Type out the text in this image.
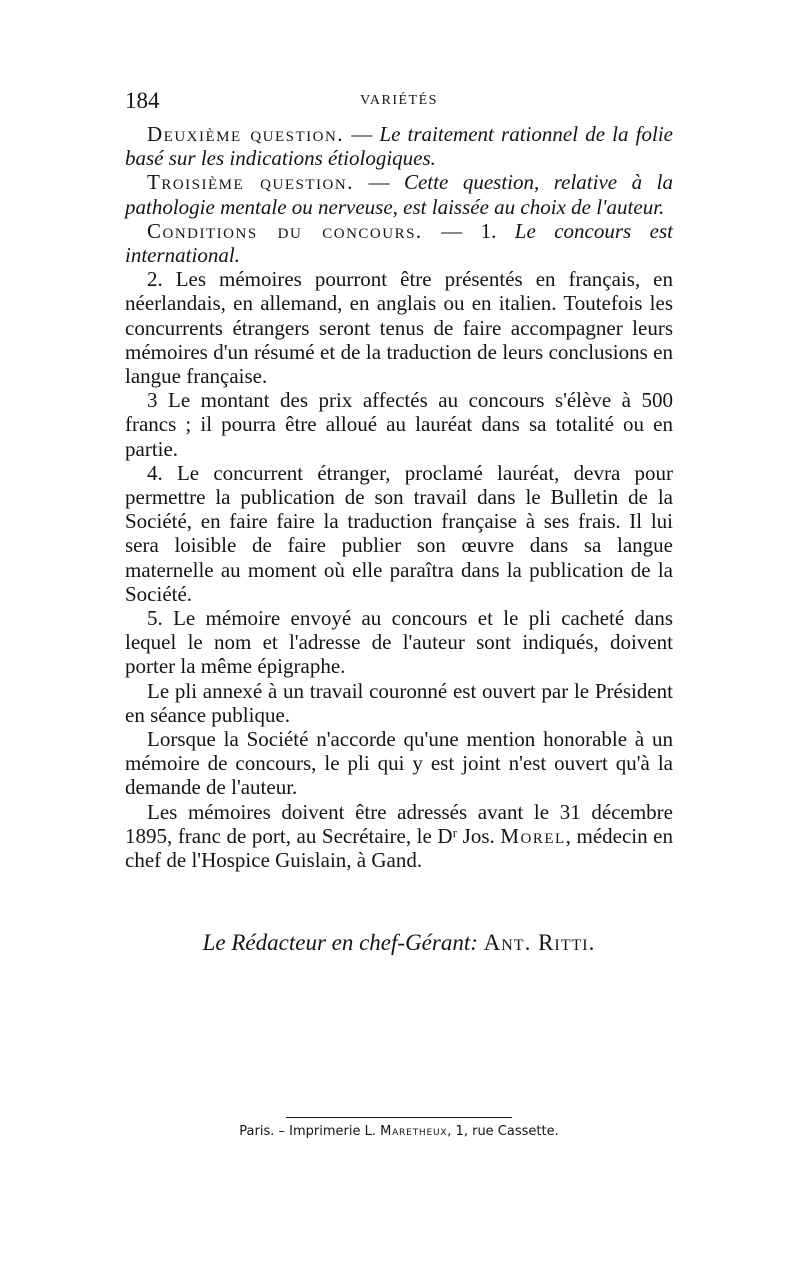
184	VARIÉTÉS

Deuxième question. — Le traitement rationnel de la folie basé sur les indications étiologiques.

Troisième question. — Cette question, relative à la pathologie mentale ou nerveuse, est laissée au choix de l'auteur.

Conditions du concours. — 1. Le concours est international.

2. Les mémoires pourront être présentés en français, en néerlandais, en allemand, en anglais ou en italien. Toutefois les concurrents étrangers seront tenus de faire accompagner leurs mémoires d'un résumé et de la traduction de leurs conclusions en langue française.

3 Le montant des prix affectés au concours s'élève à 500 francs ; il pourra être alloué au lauréat dans sa totalité ou en partie.

4. Le concurrent étranger, proclamé lauréat, devra pour permettre la publication de son travail dans le Bulletin de la Société, en faire faire la traduction française à ses frais. Il lui sera loisible de faire publier son œuvre dans sa langue maternelle au moment où elle paraîtra dans la publication de la Société.

5. Le mémoire envoyé au concours et le pli cacheté dans lequel le nom et l'adresse de l'auteur sont indiqués, doivent porter la même épigraphe.

Le pli annexé à un travail couronné est ouvert par le Président en séance publique.

Lorsque la Société n'accorde qu'une mention honorable à un mémoire de concours, le pli qui y est joint n'est ouvert qu'à la demande de l'auteur.

Les mémoires doivent être adressés avant le 31 décembre 1895, franc de port, au Secrétaire, le Dʳ Jos. Morel, médecin en chef de l'Hospice Guislain, à Gand.

Le Rédacteur en chef-Gérant: Ant. Ritti.
Paris. – Imprimerie L. Maretheux, 1, rue Cassette.
